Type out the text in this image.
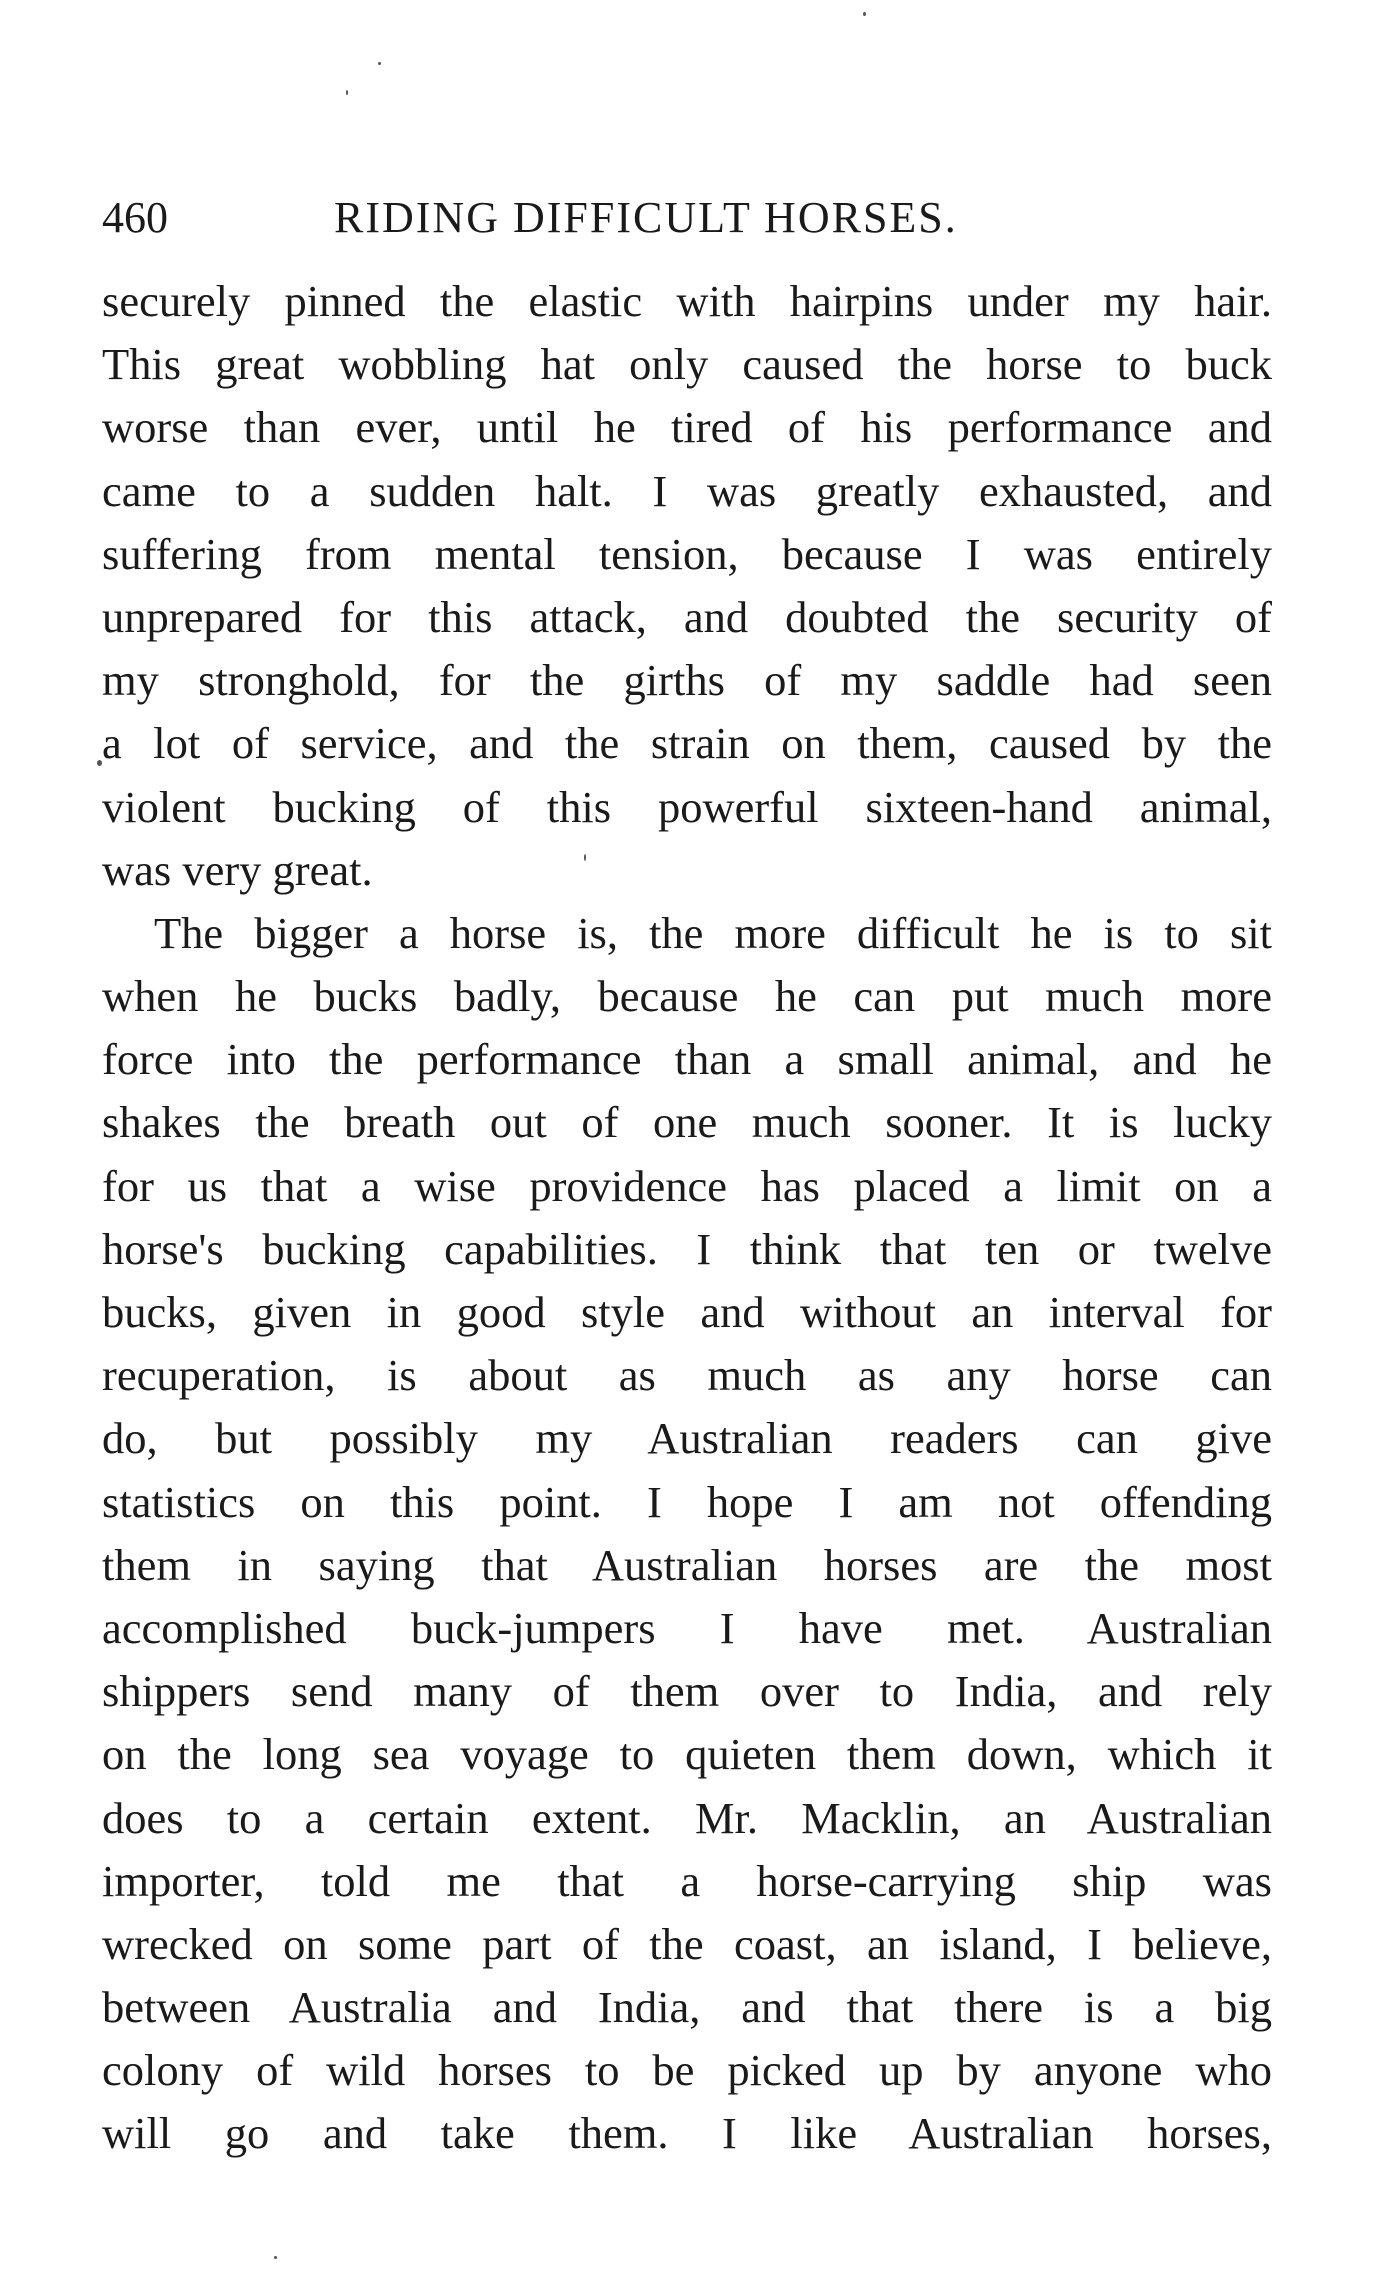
460	RIDING DIFFICULT HORSES.
securely pinned the elastic with hairpins under my hair.
This great wobbling hat only caused the horse to buck
worse than ever, until he tired of his performance and
came to a sudden halt. I was greatly exhausted, and
suffering from mental tension, because I was entirely
unprepared for this attack, and doubted the security of
my stronghold, for the girths of my saddle had seen
a lot of service, and the strain on them, caused by the
violent bucking of this powerful sixteen-hand animal,
was very great.
The bigger a horse is, the more difficult he is to sit
when he bucks badly, because he can put much more
force into the performance than a small animal, and he
shakes the breath out of one much sooner. It is lucky
for us that a wise providence has placed a limit on a
horse's bucking capabilities. I think that ten or twelve
bucks, given in good style and without an interval for
recuperation, is about as much as any horse can
do, but possibly my Australian readers can give
statistics on this point. I hope I am not offending
them in saying that Australian horses are the most
accomplished buck-jumpers I have met. Australian
shippers send many of them over to India, and rely
on the long sea voyage to quieten them down, which it
does to a certain extent. Mr. Macklin, an Australian
importer, told me that a horse-carrying ship was
wrecked on some part of the coast, an island, I believe,
between Australia and India, and that there is a big
colony of wild horses to be picked up by anyone who
will go and take them. I like Australian horses,
